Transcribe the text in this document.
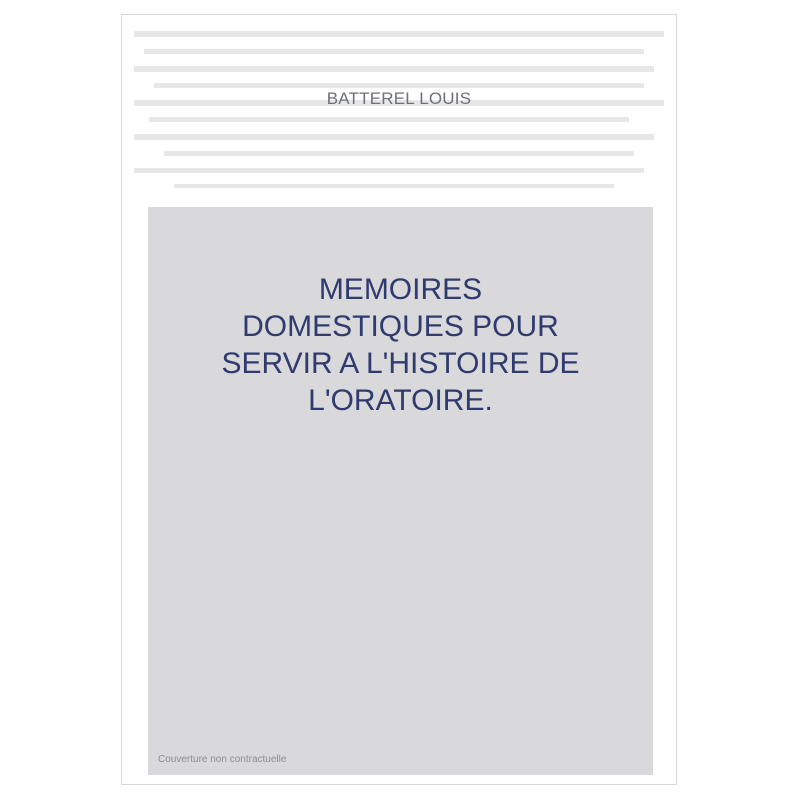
BATTEREL LOUIS
MEMOIRES
DOMESTIQUES POUR
SERVIR A L'HISTOIRE DE
L'ORATOIRE.
Couverture non contractuelle
